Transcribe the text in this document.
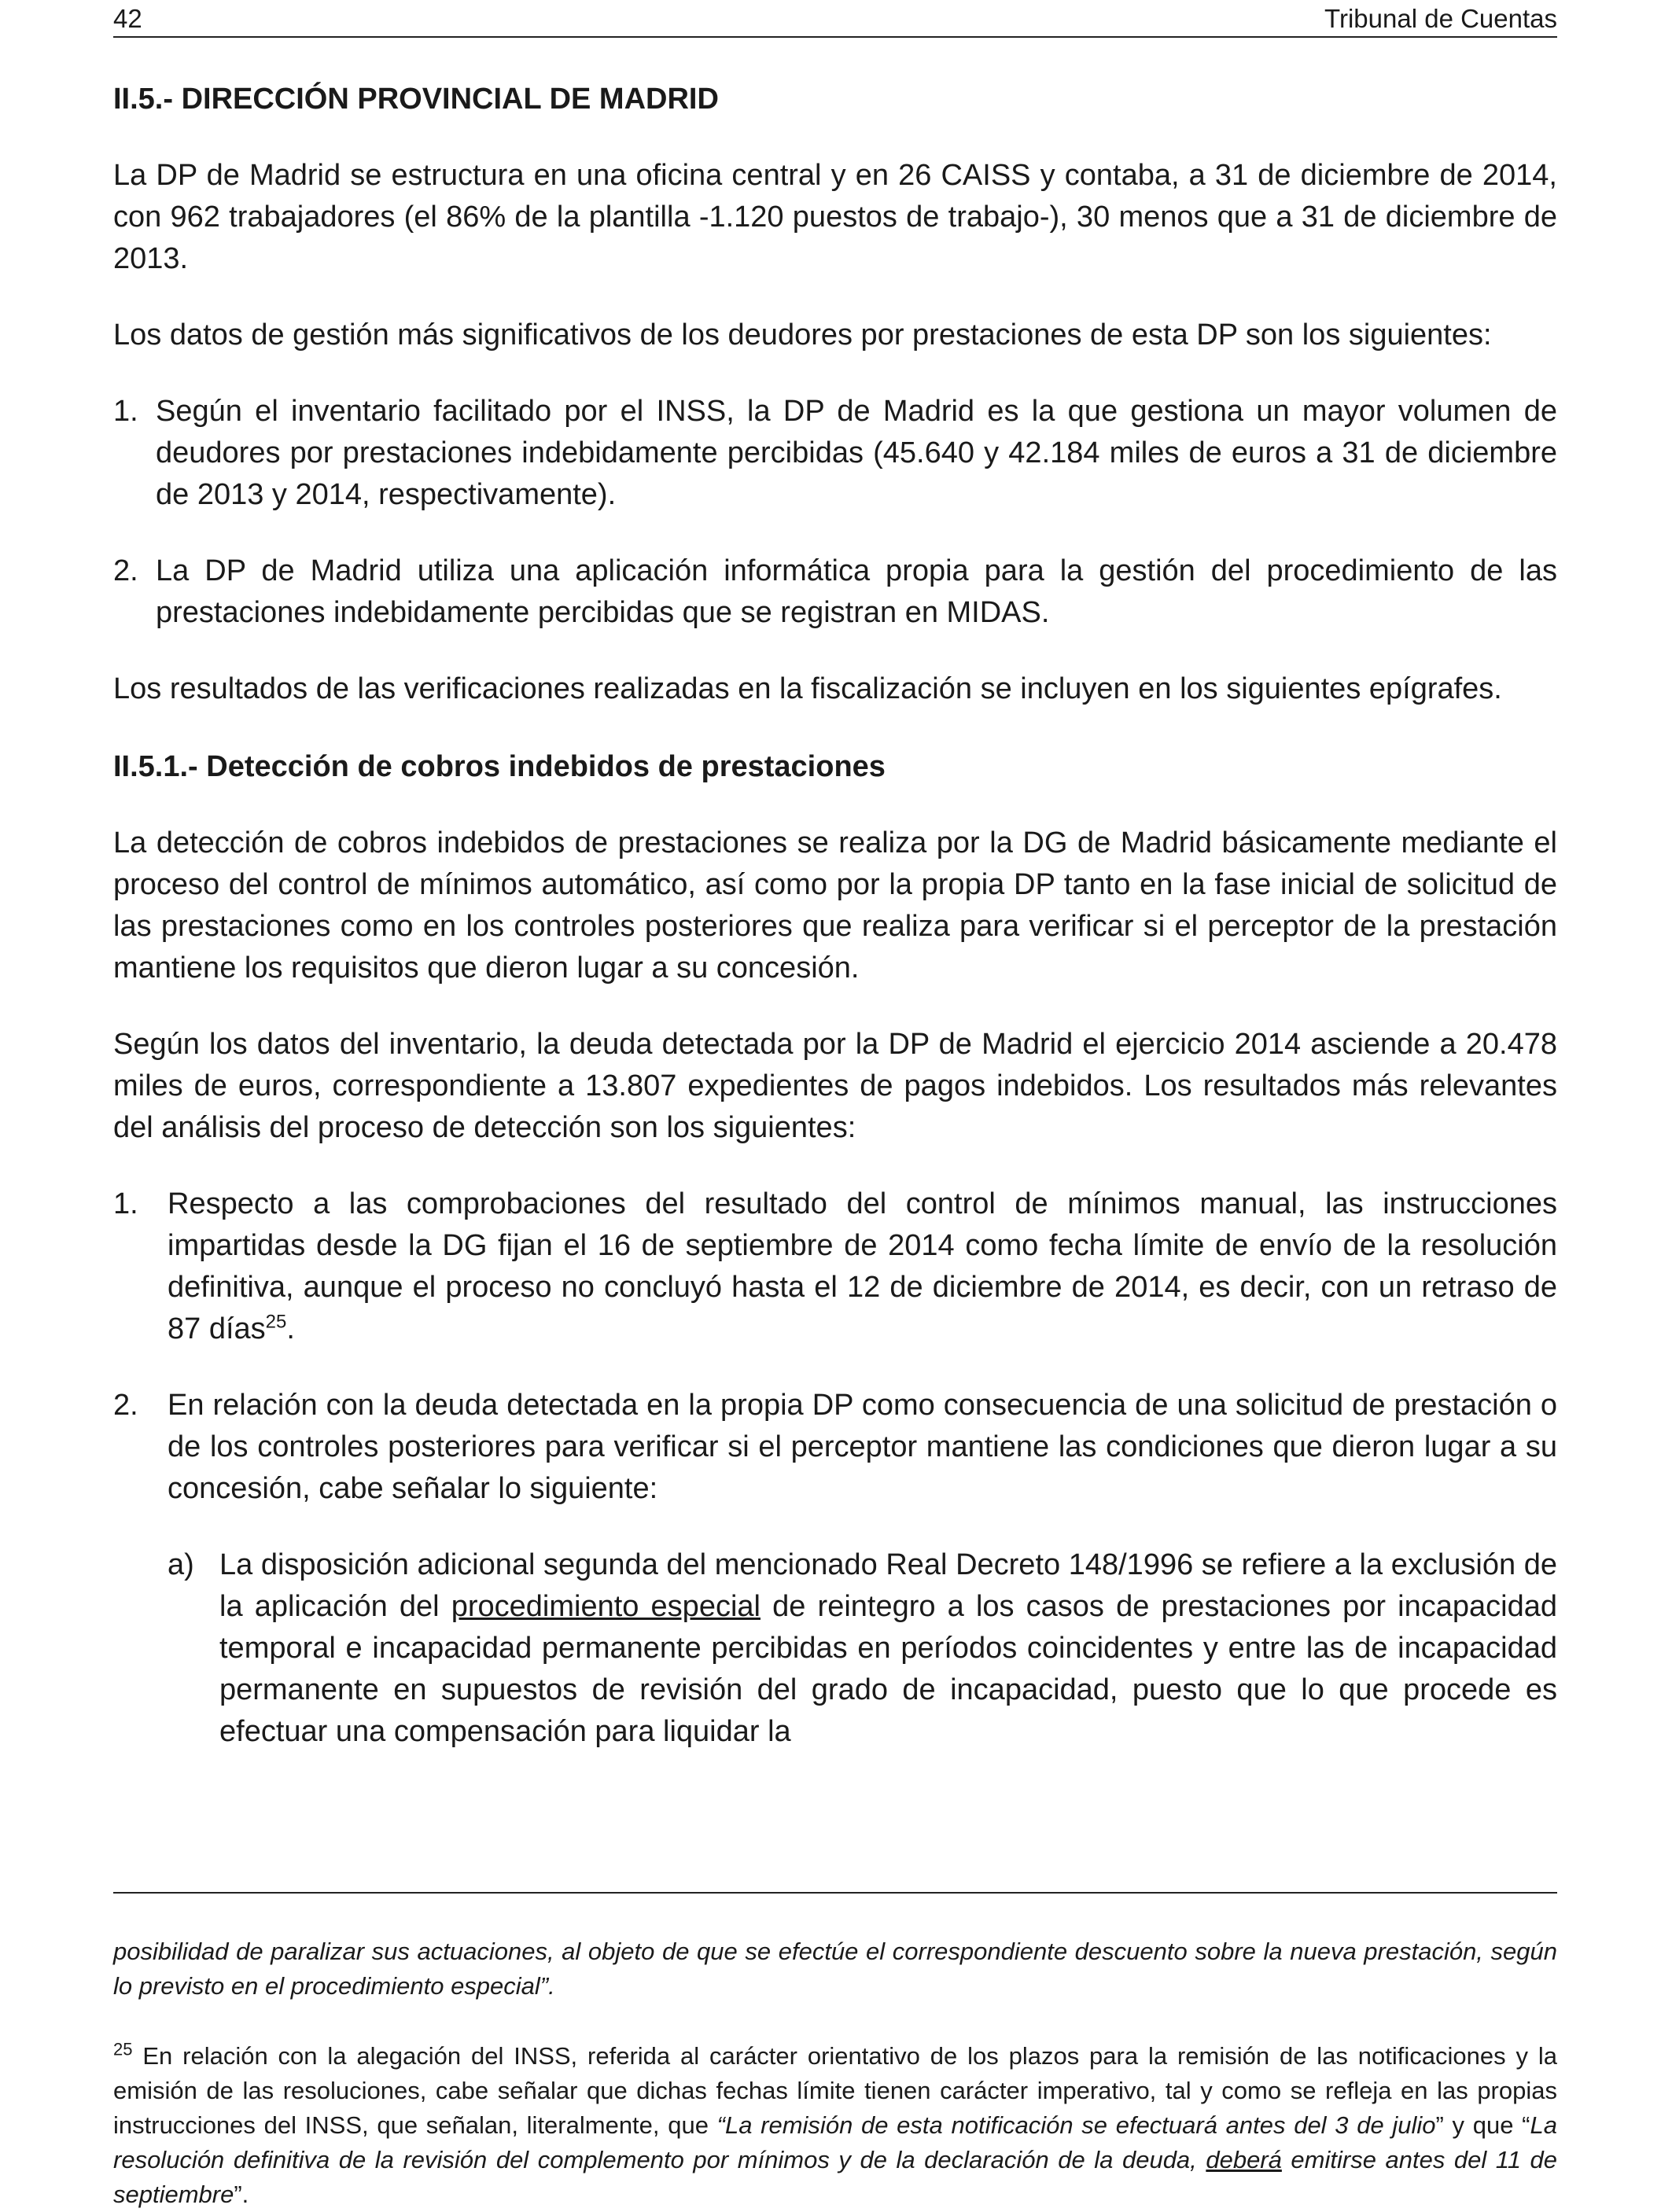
42	Tribunal de Cuentas
II.5.- DIRECCIÓN PROVINCIAL DE MADRID

La DP de Madrid se estructura en una oficina central y en 26 CAISS y contaba, a 31 de diciembre de 2014, con 962 trabajadores (el 86% de la plantilla -1.120 puestos de trabajo-), 30 menos que a 31 de diciembre de 2013.

Los datos de gestión más significativos de los deudores por prestaciones de esta DP son los siguientes:

1. Según el inventario facilitado por el INSS, la DP de Madrid es la que gestiona un mayor volumen de deudores por prestaciones indebidamente percibidas (45.640 y 42.184 miles de euros a 31 de diciembre de 2013 y 2014, respectivamente).
2. La DP de Madrid utiliza una aplicación informática propia para la gestión del procedimiento de las prestaciones indebidamente percibidas que se registran en MIDAS.

Los resultados de las verificaciones realizadas en la fiscalización se incluyen en los siguientes epígrafes.

II.5.1.- Detección de cobros indebidos de prestaciones

La detección de cobros indebidos de prestaciones se realiza por la DG de Madrid básicamente mediante el proceso del control de mínimos automático, así como por la propia DP tanto en la fase inicial de solicitud de las prestaciones como en los controles posteriores que realiza para verificar si el perceptor de la prestación mantiene los requisitos que dieron lugar a su concesión.

Según los datos del inventario, la deuda detectada por la DP de Madrid el ejercicio 2014 asciende a 20.478 miles de euros, correspondiente a 13.807 expedientes de pagos indebidos. Los resultados más relevantes del análisis del proceso de detección son los siguientes:

1. Respecto a las comprobaciones del resultado del control de mínimos manual, las instrucciones impartidas desde la DG fijan el 16 de septiembre de 2014 como fecha límite de envío de la resolución definitiva, aunque el proceso no concluyó hasta el 12 de diciembre de 2014, es decir, con un retraso de 87 días$^{25}$.
2. En relación con la deuda detectada en la propia DP como consecuencia de una solicitud de prestación o de los controles posteriores para verificar si el perceptor mantiene las condiciones que dieron lugar a su concesión, cabe señalar lo siguiente:
a) La disposición adicional segunda del mencionado Real Decreto 148/1996 se refiere a la exclusión de la aplicación del procedimiento especial de reintegro a los casos de prestaciones por incapacidad temporal e incapacidad permanente percibidas en períodos coincidentes y entre las de incapacidad permanente en supuestos de revisión del grado de incapacidad, puesto que lo que procede es efectuar una compensación para liquidar la

posibilidad de paralizar sus actuaciones, al objeto de que se efectúe el correspondiente descuento sobre la nueva prestación, según lo previsto en el procedimiento especial”.

$^{25}$ En relación con la alegación del INSS, referida al carácter orientativo de los plazos para la remisión de las notificaciones y la emisión de las resoluciones, cabe señalar que dichas fechas límite tienen carácter imperativo, tal y como se refleja en las propias instrucciones del INSS, que señalan, literalmente, que “La remisión de esta notificación se efectuará antes del 3 de julio” y que “La resolución definitiva de la revisión del complemento por mínimos y de la declaración de la deuda, deberá emitirse antes del 11 de septiembre”.
